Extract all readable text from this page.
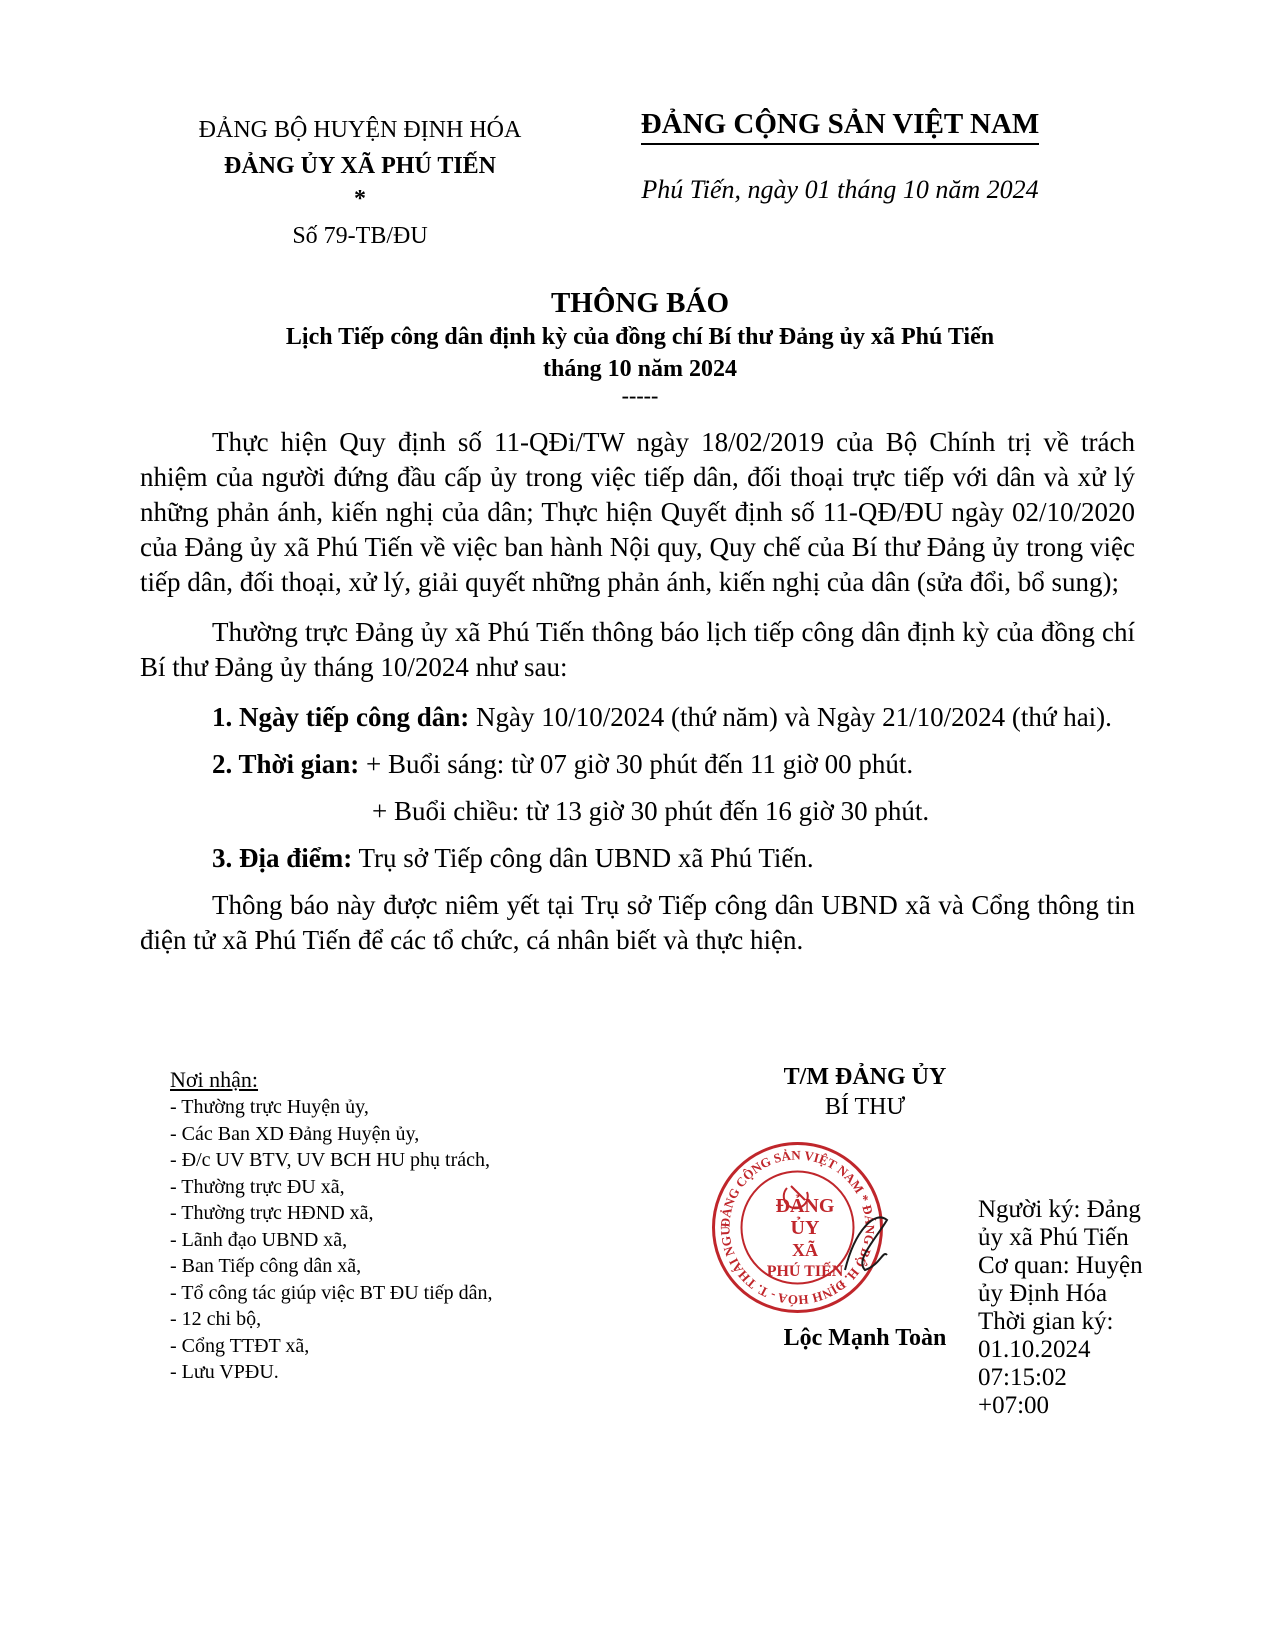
ĐẢNG BỘ HUYỆN ĐỊNH HÓA
ĐẢNG ỦY XÃ PHÚ TIẾN
*
Số 79-TB/ĐU
ĐẢNG CỘNG SẢN VIỆT NAM
Phú Tiến, ngày 01 tháng 10 năm 2024
THÔNG BÁO
Lịch Tiếp công dân định kỳ của đồng chí Bí thư Đảng ủy xã Phú Tiến
tháng 10 năm 2024
-----

Thực hiện Quy định số 11-QĐi/TW ngày 18/02/2019 của Bộ Chính trị về trách nhiệm của người đứng đầu cấp ủy trong việc tiếp dân, đối thoại trực tiếp với dân và xử lý những phản ánh, kiến nghị của dân; Thực hiện Quyết định số 11-QĐ/ĐU ngày 02/10/2020 của Đảng ủy xã Phú Tiến về việc ban hành Nội quy, Quy chế của Bí thư Đảng ủy trong việc tiếp dân, đối thoại, xử lý, giải quyết những phản ánh, kiến nghị của dân (sửa đổi, bổ sung);

Thường trực Đảng ủy xã Phú Tiến thông báo lịch tiếp công dân định kỳ của đồng chí Bí thư Đảng ủy tháng 10/2024 như sau:

1. Ngày tiếp công dân: Ngày 10/10/2024 (thứ năm) và Ngày 21/10/2024 (thứ hai).
2. Thời gian: + Buổi sáng: từ 07 giờ 30 phút đến 11 giờ 00 phút.
+ Buổi chiều: từ 13 giờ 30 phút đến 16 giờ 30 phút.
3. Địa điểm: Trụ sở Tiếp công dân UBND xã Phú Tiến.

Thông báo này được niêm yết tại Trụ sở Tiếp công dân UBND xã và Cổng thông tin điện tử xã Phú Tiến để các tổ chức, cá nhân biết và thực hiện.

Nơi nhận:
- Thường trực Huyện ủy,
- Các Ban XD Đảng Huyện ủy,
- Đ/c UV BTV, UV BCH HU phụ trách,
- Thường trực ĐU xã,
- Thường trực HĐND xã,
- Lãnh đạo UBND xã,
- Ban Tiếp công dân xã,
- Tổ công tác giúp việc BT ĐU tiếp dân,
- 12 chi bộ,
- Cổng TTĐT xã,
- Lưu VPĐU.
T/M ĐẢNG ỦY
BÍ THƯ
ĐẢNG CỘNG SẢN VIỆT NAM * ĐẢNG BỘ H. ĐỊNH HÓA - T. THÁI NGU
ĐẢNG ỦY
XÃ
PHÚ TIẾN
Lộc Mạnh Toàn
Người ký: Đảng
ủy xã Phú Tiến
Cơ quan: Huyện
ủy Định Hóa
Thời gian ký:
01.10.2024
07:15:02
+07:00
